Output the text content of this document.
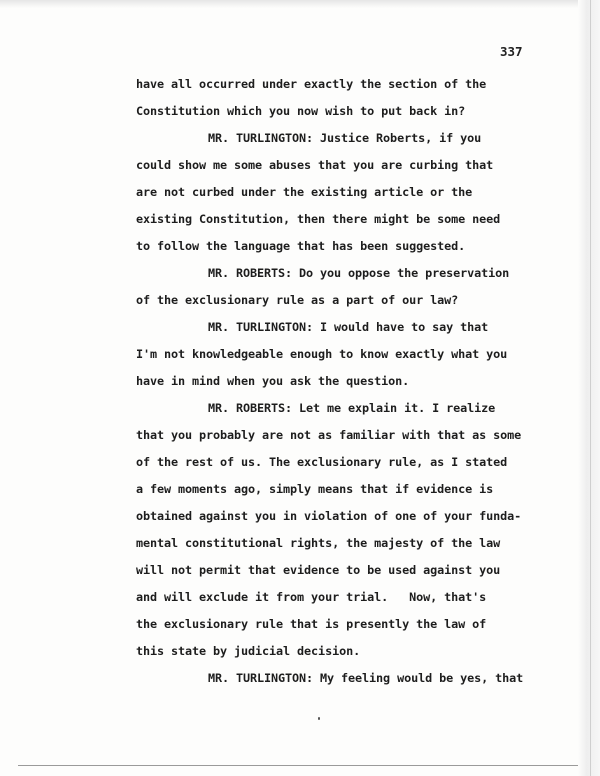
337
have all occurred under exactly the section of the
Constitution which you now wish to put back in?
MR. TURLINGTON: Justice Roberts, if you
could show me some abuses that you are curbing that
are not curbed under the existing article or the
existing Constitution, then there might be some need
to follow the language that has been suggested.
MR. ROBERTS: Do you oppose the preservation
of the exclusionary rule as a part of our law?
MR. TURLINGTON: I would have to say that
I'm not knowledgeable enough to know exactly what you
have in mind when you ask the question.
MR. ROBERTS: Let me explain it. I realize
that you probably are not as familiar with that as some
of the rest of us. The exclusionary rule, as I stated
a few moments ago, simply means that if evidence is
obtained against you in violation of one of your funda-
mental constitutional rights, the majesty of the law
will not permit that evidence to be used against you
and will exclude it from your trial.   Now, that's
the exclusionary rule that is presently the law of
this state by judicial decision.
MR. TURLINGTON: My feeling would be yes, that
